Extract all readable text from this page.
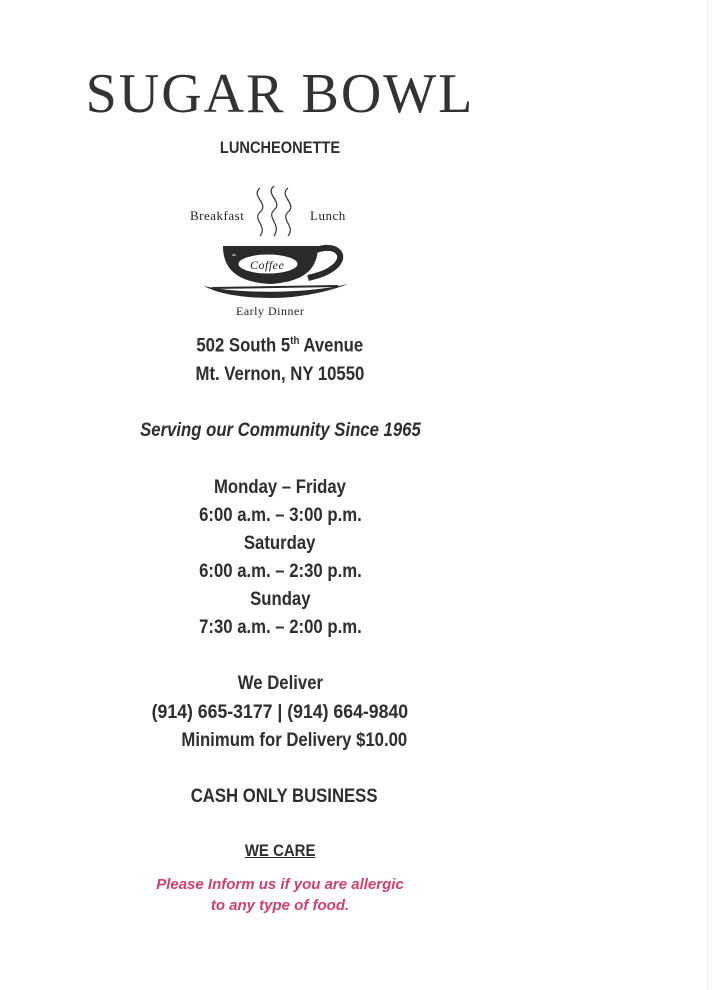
SUGAR BOWL
LUNCHEONETTE
“
Breakfast	Lunch
Coffee
Early Dinner
502 South 5th Avenue
Mt. Vernon, NY 10550
Serving our Community Since 1965
Monday – Friday
6:00 a.m. – 3:00 p.m.
Saturday
6:00 a.m. – 2:30 p.m.
Sunday
7:30 a.m. – 2:00 p.m.
We Deliver
(914) 665-3177 | (914) 664-9840
Minimum for Delivery $10.00
CASH ONLY BUSINESS
WE CARE
Please Inform us if you are allergic
to any type of food.
